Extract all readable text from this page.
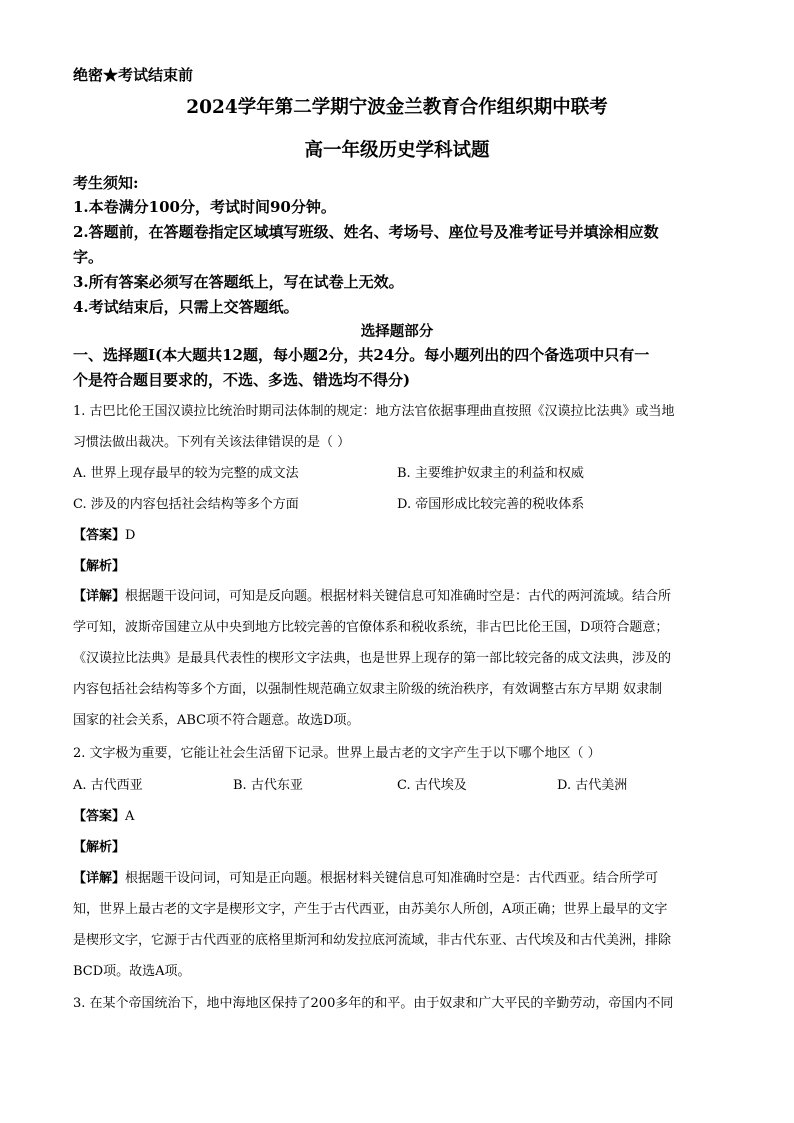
绝密★考试结束前
2024学年第二学期宁波金兰教育合作组织期中联考
高一年级历史学科试题
考生须知:
1.本卷满分100分，考试时间90分钟。
2.答题前，在答题卷指定区域填写班级、姓名、考场号、座位号及准考证号并填涂相应数
字。
3.所有答案必须写在答题纸上，写在试卷上无效。
4.考试结束后，只需上交答题纸。
选择题部分
一、选择题Ⅰ(本大题共12题，每小题2分，共24分。每小题列出的四个备选项中只有一
个是符合题目要求的，不选、多选、错选均不得分)
1. 古巴比伦王国汉谟拉比统治时期司法体制的规定：地方法官依据事理曲直按照《汉谟拉比法典》或当地
习惯法做出裁决。下列有关该法律错误的是（ ）
A. 世界上现存最早的较为完整的成文法	B. 主要维护奴隶主的利益和权威
C. 涉及的内容包括社会结构等多个方面	D. 帝国形成比较完善的税收体系
【答案】D
【解析】
【详解】根据题干设问词，可知是反向题。根据材料关键信息可知准确时空是：古代的两河流域。结合所
学可知，波斯帝国建立从中央到地方比较完善的官僚体系和税收系统，非古巴比伦王国，D项符合题意；
《汉谟拉比法典》是最具代表性的楔形文字法典，也是世界上现存的第一部比较完备的成文法典，涉及的
内容包括社会结构等多个方面，以强制性规范确立奴隶主阶级的统治秩序，有效调整古东方早期 奴隶制
国家的社会关系，ABC项不符合题意。故选D项。
2. 文字极为重要，它能让社会生活留下记录。世界上最古老的文字产生于以下哪个地区（ ）
A. 古代西亚	B. 古代东亚	C. 古代埃及	D. 古代美洲
【答案】A
【解析】
【详解】根据题干设问词，可知是正向题。根据材料关键信息可知准确时空是：古代西亚。结合所学可
知，世界上最古老的文字是楔形文字，产生于古代西亚，由苏美尔人所创，A项正确；世界上最早的文字
是楔形文字，它源于古代西亚的底格里斯河和幼发拉底河流域，非古代东亚、古代埃及和古代美洲，排除
BCD项。故选A项。
3. 在某个帝国统治下，地中海地区保持了200多年的和平。由于奴隶和广大平民的辛勤劳动，帝国内不同
